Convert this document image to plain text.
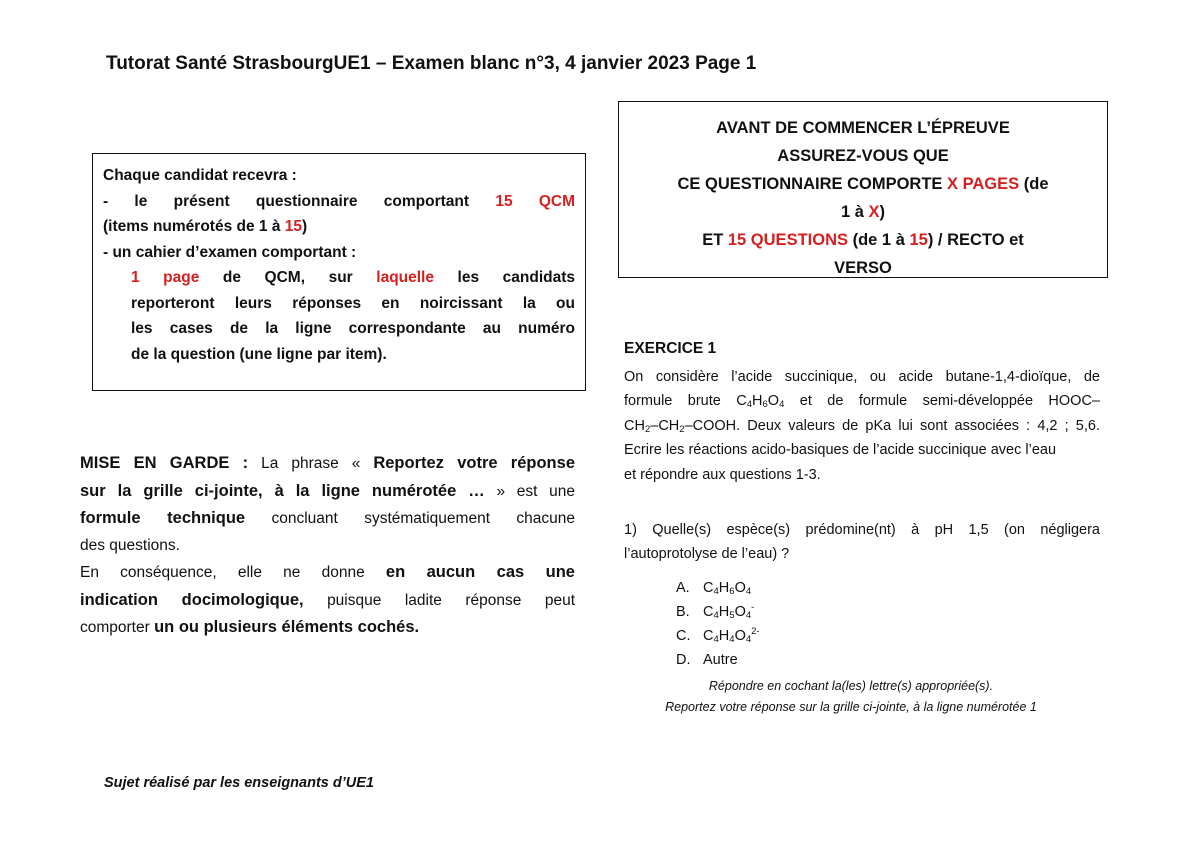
Tutorat Santé StrasbourgUE1 – Examen blanc n°3, 4 janvier 2023 Page 1
Chaque candidat recevra :
- le présent questionnaire comportant 15 QCM
(items numérotés de 1 à 15)
- un cahier d’examen comportant :
1 page de QCM, sur laquelle les candidats
reporteront leurs réponses en noircissant la ou
les cases de la ligne correspondante au numéro
de la question (une ligne par item).
AVANT DE COMMENCER L’ÉPREUVE
ASSUREZ-VOUS QUE
CE QUESTIONNAIRE COMPORTE X PAGES (de
1 à X)
ET 15 QUESTIONS (de 1 à 15) / RECTO et
VERSO
MISE EN GARDE : La phrase « Reportez votre réponse
sur la grille ci-jointe, à la ligne numérotée … » est une
formule technique concluant systématiquement chacune
des questions.
En conséquence, elle ne donne en aucun cas une
indication docimologique, puisque ladite réponse peut
comporter un ou plusieurs éléments cochés.
EXERCICE 1
On considère l’acide succinique, ou acide butane-1,4-dioïque, de
formule brute $C_4H_6O_4$ et de formule semi-développée HOOC–
$CH_2-CH_2$–COOH. Deux valeurs de pKa lui sont associées : 4,2 ; 5,6.
Ecrire les réactions acido-basiques de l’acide succinique avec l’eau
et répondre aux questions 1-3.
1) Quelle(s) espèce(s) prédomine(nt) à pH 1,5 (on négligera
l’autoprotolyse de l’eau) ?
A. $C_4H_6O_4$
B. $C_4H_5O_4^-$
C. $C_4H_4O_4^{2-}$
D. Autre
Répondre en cochant la(les) lettre(s) appropriée(s).
Reportez votre réponse sur la grille ci-jointe, à la ligne numérotée 1
Sujet réalisé par les enseignants d’UE1
